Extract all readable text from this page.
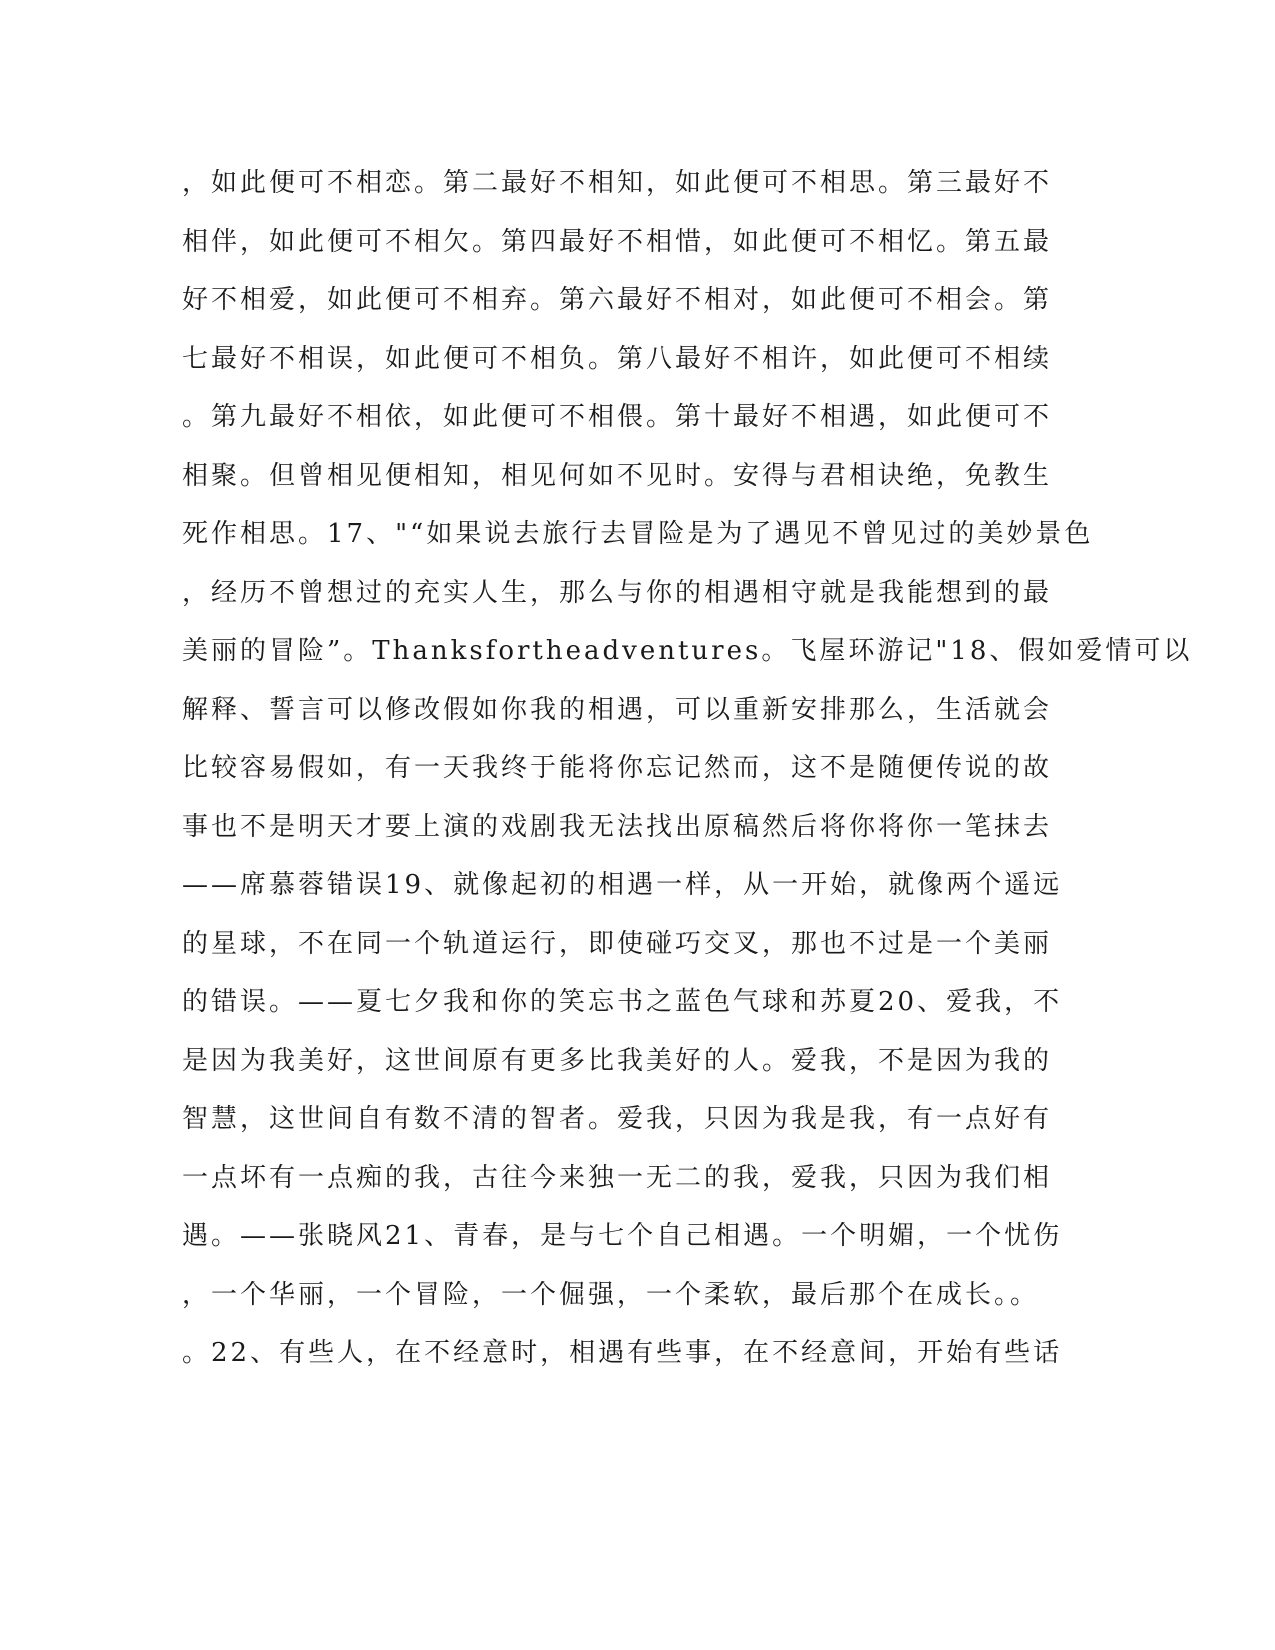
，如此便可不相恋。第二最好不相知，如此便可不相思。第三最好不
相伴，如此便可不相欠。第四最好不相惜，如此便可不相忆。第五最
好不相爱，如此便可不相弃。第六最好不相对，如此便可不相会。第
七最好不相误，如此便可不相负。第八最好不相许，如此便可不相续
。第九最好不相依，如此便可不相偎。第十最好不相遇，如此便可不
相聚。但曾相见便相知，相见何如不见时。安得与君相诀绝，免教生
死作相思。17、"“如果说去旅行去冒险是为了遇见不曾见过的美妙景色
，经历不曾想过的充实人生，那么与你的相遇相守就是我能想到的最
美丽的冒险”。Thanksfortheadventures。飞屋环游记"18、假如爱情可以
解释、誓言可以修改假如你我的相遇，可以重新安排那么，生活就会
比较容易假如，有一天我终于能将你忘记然而，这不是随便传说的故
事也不是明天才要上演的戏剧我无法找出原稿然后将你将你一笔抹去
——席慕蓉错误19、就像起初的相遇一样，从一开始，就像两个遥远
的星球，不在同一个轨道运行，即使碰巧交叉，那也不过是一个美丽
的错误。——夏七夕我和你的笑忘书之蓝色气球和苏夏20、爱我，不
是因为我美好，这世间原有更多比我美好的人。爱我，不是因为我的
智慧，这世间自有数不清的智者。爱我，只因为我是我，有一点好有
一点坏有一点痴的我，古往今来独一无二的我，爱我，只因为我们相
遇。——张晓风21、青春，是与七个自己相遇。一个明媚，一个忧伤
，一个华丽，一个冒险，一个倔强，一个柔软，最后那个在成长。。
。22、有些人，在不经意时，相遇有些事，在不经意间，开始有些话
